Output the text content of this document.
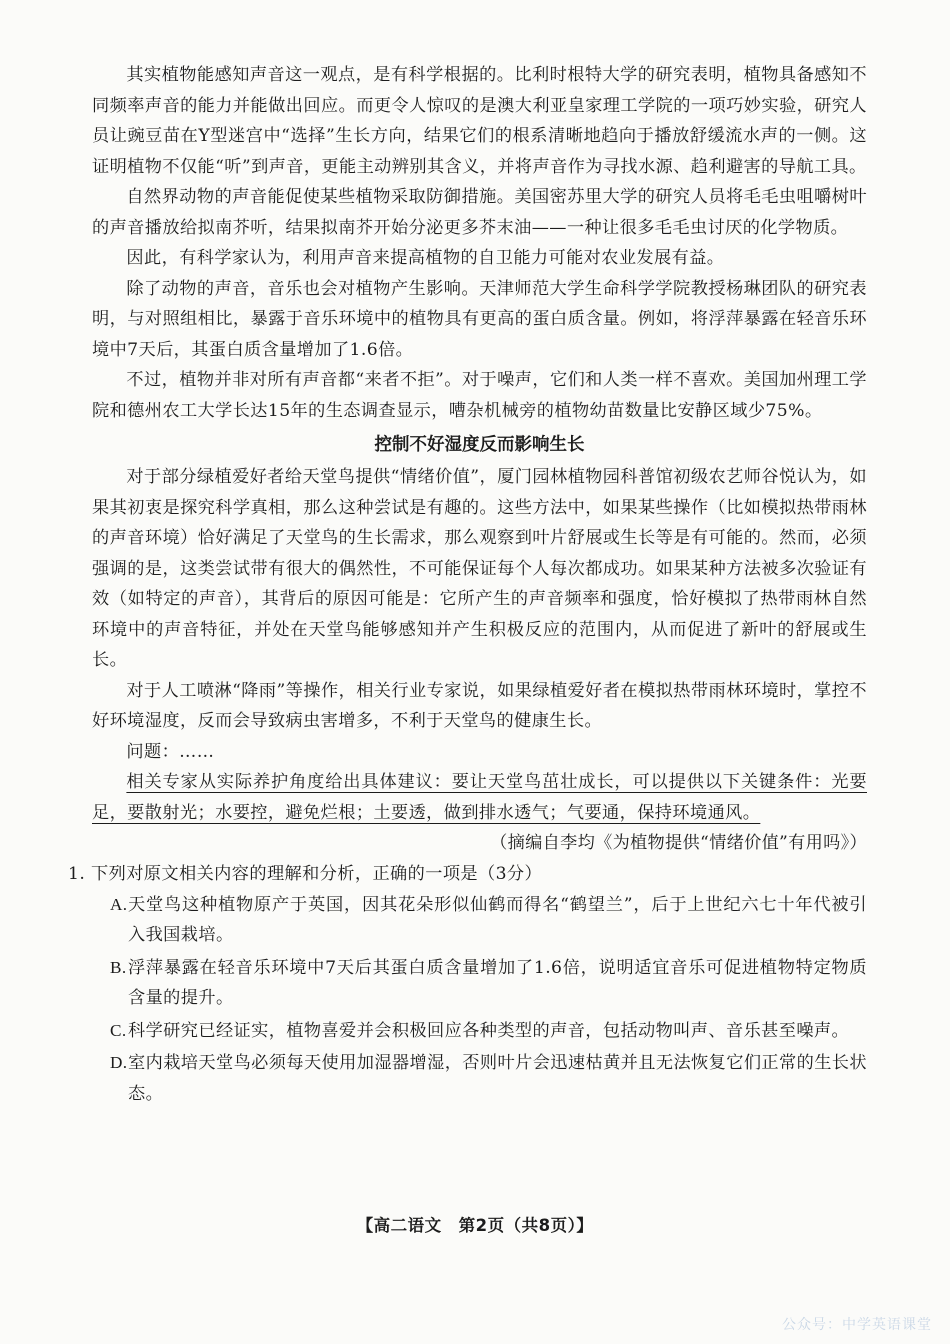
其实植物能感知声音这一观点，是有科学根据的。比利时根特大学的研究表明，植物具备感知不同频率声音的能力并能做出回应。而更令人惊叹的是澳大利亚皇家理工学院的一项巧妙实验，研究人员让豌豆苗在Y型迷宫中“选择”生长方向，结果它们的根系清晰地趋向于播放舒缓流水声的一侧。这证明植物不仅能“听”到声音，更能主动辨别其含义，并将声音作为寻找水源、趋利避害的导航工具。

自然界动物的声音能促使某些植物采取防御措施。美国密苏里大学的研究人员将毛毛虫咀嚼树叶的声音播放给拟南芥听，结果拟南芥开始分泌更多芥末油——一种让很多毛毛虫讨厌的化学物质。

因此，有科学家认为，利用声音来提高植物的自卫能力可能对农业发展有益。

除了动物的声音，音乐也会对植物产生影响。天津师范大学生命科学学院教授杨琳团队的研究表明，与对照组相比，暴露于音乐环境中的植物具有更高的蛋白质含量。例如，将浮萍暴露在轻音乐环境中7天后，其蛋白质含量增加了1.6倍。

不过，植物并非对所有声音都“来者不拒”。对于噪声，它们和人类一样不喜欢。美国加州理工学院和德州农工大学长达15年的生态调查显示，嘈杂机械旁的植物幼苗数量比安静区域少75%。

控制不好湿度反而影响生长

对于部分绿植爱好者给天堂鸟提供“情绪价值”，厦门园林植物园科普馆初级农艺师谷悦认为，如果其初衷是探究科学真相，那么这种尝试是有趣的。这些方法中，如果某些操作（比如模拟热带雨林的声音环境）恰好满足了天堂鸟的生长需求，那么观察到叶片舒展或生长等是有可能的。然而，必须强调的是，这类尝试带有很大的偶然性，不可能保证每个人每次都成功。如果某种方法被多次验证有效（如特定的声音），其背后的原因可能是：它所产生的声音频率和强度，恰好模拟了热带雨林自然环境中的声音特征，并处在天堂鸟能够感知并产生积极反应的范围内，从而促进了新叶的舒展或生长。

对于人工喷淋“降雨”等操作，相关行业专家说，如果绿植爱好者在模拟热带雨林环境时，掌控不好环境湿度，反而会导致病虫害增多，不利于天堂鸟的健康生长。

问题：……

相关专家从实际养护角度给出具体建议：要让天堂鸟茁壮成长，可以提供以下关键条件：光要足，要散射光；水要控，避免烂根；土要透，做到排水透气；气要通，保持环境通风。

（摘编自李均《为植物提供“情绪价值”有用吗》）

1. 下列对原文相关内容的理解和分析，正确的一项是（3分）
A. 天堂鸟这种植物原产于英国，因其花朵形似仙鹤而得名“鹤望兰”，后于上世纪六七十年代被引入我国栽培。
B. 浮萍暴露在轻音乐环境中7天后其蛋白质含量增加了1.6倍，说明适宜音乐可促进植物特定物质含量的提升。
C. 科学研究已经证实，植物喜爱并会积极回应各种类型的声音，包括动物叫声、音乐甚至噪声。
D. 室内栽培天堂鸟必须每天使用加湿器增湿，否则叶片会迅速枯黄并且无法恢复它们正常的生长状态。
【高二语文　第2页（共8页）】
公众号：中学英语课堂
